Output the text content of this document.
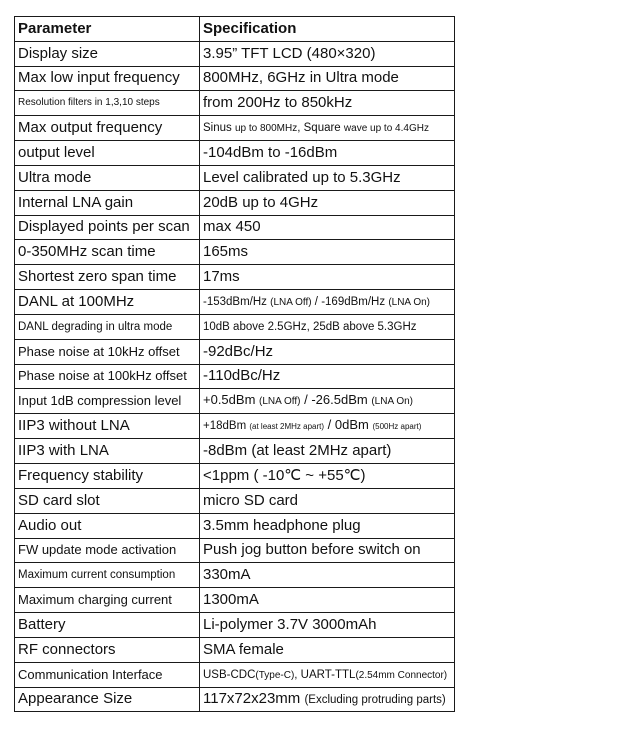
Parameter	Specification
Display size	3.95” TFT LCD (480×320)
Max low input frequency	800MHz, 6GHz in Ultra mode
Resolution filters in 1,3,10 steps	from 200Hz to 850kHz
Max output frequency	Sinus up to 800MHz, Square wave up to 4.4GHz
output level	-104dBm to -16dBm
Ultra mode	Level calibrated up to 5.3GHz
Internal LNA gain	20dB up to 4GHz
Displayed points per scan	max 450
0-350MHz scan time	165ms
Shortest zero span time	17ms
DANL at 100MHz	-153dBm/Hz (LNA Off) / -169dBm/Hz (LNA On)
DANL degrading in ultra mode	10dB above 2.5GHz, 25dB above 5.3GHz
Phase noise at 10kHz offset	-92dBc/Hz
Phase noise at 100kHz offset	-110dBc/Hz
Input 1dB compression level	+0.5dBm (LNA Off) / -26.5dBm (LNA On)
IIP3 without LNA	+18dBm (at least 2MHz apart) / 0dBm (500Hz apart)
IIP3 with LNA	-8dBm (at least 2MHz apart)
Frequency stability	<1ppm ( -10℃ ~ +55℃)
SD card slot	micro SD card
Audio out	3.5mm headphone plug
FW update mode activation	Push jog button before switch on
Maximum current consumption	330mA
Maximum charging current	1300mA
Battery	Li-polymer 3.7V 3000mAh
RF connectors	SMA female
Communication Interface	USB-CDC(Type-C), UART-TTL(2.54mm Connector)
Appearance Size	117x72x23mm (Excluding protruding parts)
